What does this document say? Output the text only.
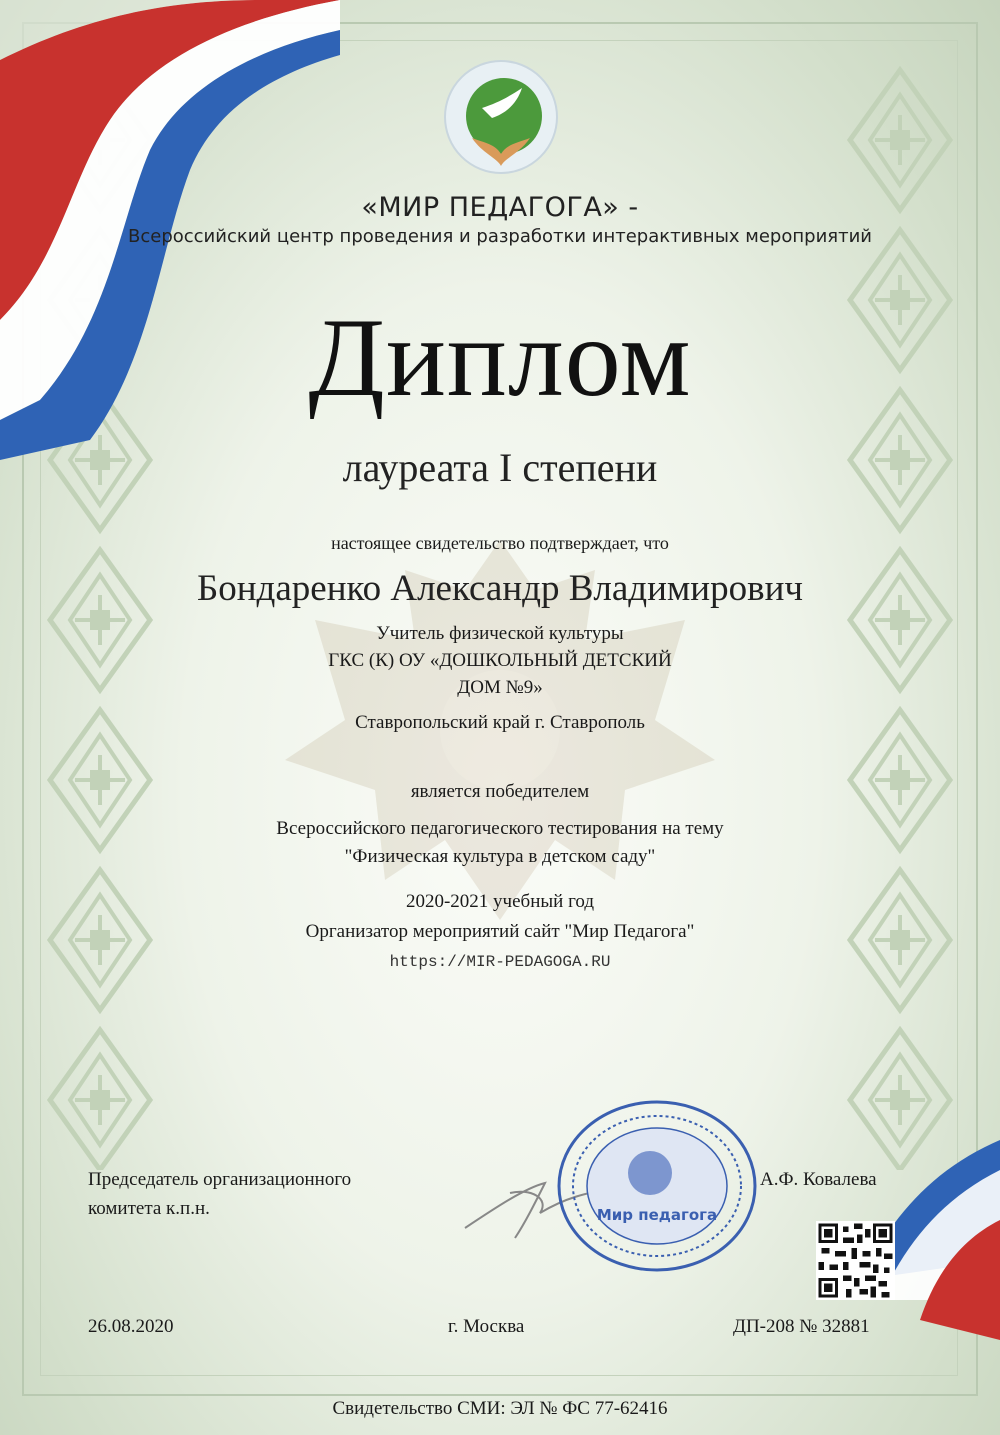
«МИР ПЕДАГОГА» -
Всероссийский центр проведения и разработки интерактивных мероприятий
Диплом
лауреата I степени
настоящее свидетельство подтверждает, что
Бондаренко Александр Владимирович
Учитель физической культуры
ГКС (К) ОУ «ДОШКОЛЬНЫЙ ДЕТСКИЙ
ДОМ №9»
Ставропольский край г. Ставрополь
является победителем
Всероссийского педагогического тестирования на тему
"Физическая культура в детском саду"
2020-2021 учебный год
Организатор мероприятий сайт "Мир Педагога"
https://MIR-PEDAGOGA.RU
Председатель организационного
комитета к.п.н.	Мир педагога
А.Ф. Ковалева
26.08.2020	г. Москва	ДП-208 № 32881
Свидетельство СМИ: ЭЛ № ФС 77-62416
